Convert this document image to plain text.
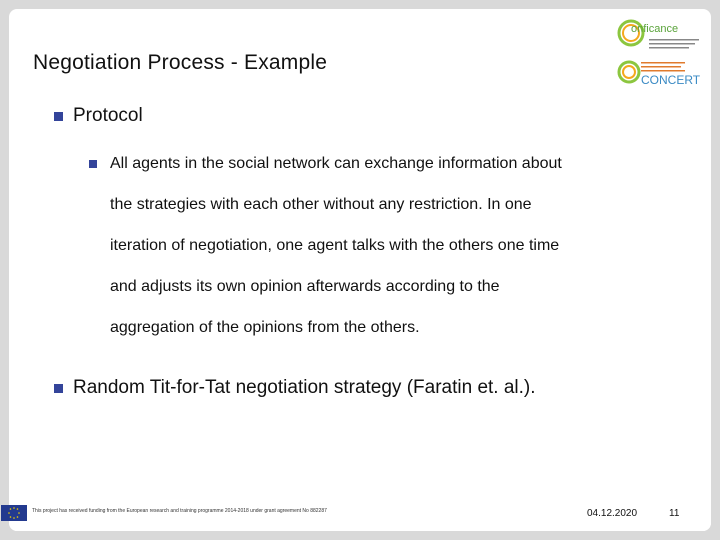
Negotiation Process - Example
onficance
CONCERT
Protocol
All agents in the social network can exchange information about
the strategies with each other without any restriction. In one
iteration of negotiation, one agent talks with the others one time
and adjusts its own opinion afterwards according to the
aggregation of the opinions from the others.
Random Tit-for-Tat negotiation strategy (Faratin et. al.).
This project has received funding from the European research and training programme 2014-2018 under grant agreement No 882287	04.12.2020	11
